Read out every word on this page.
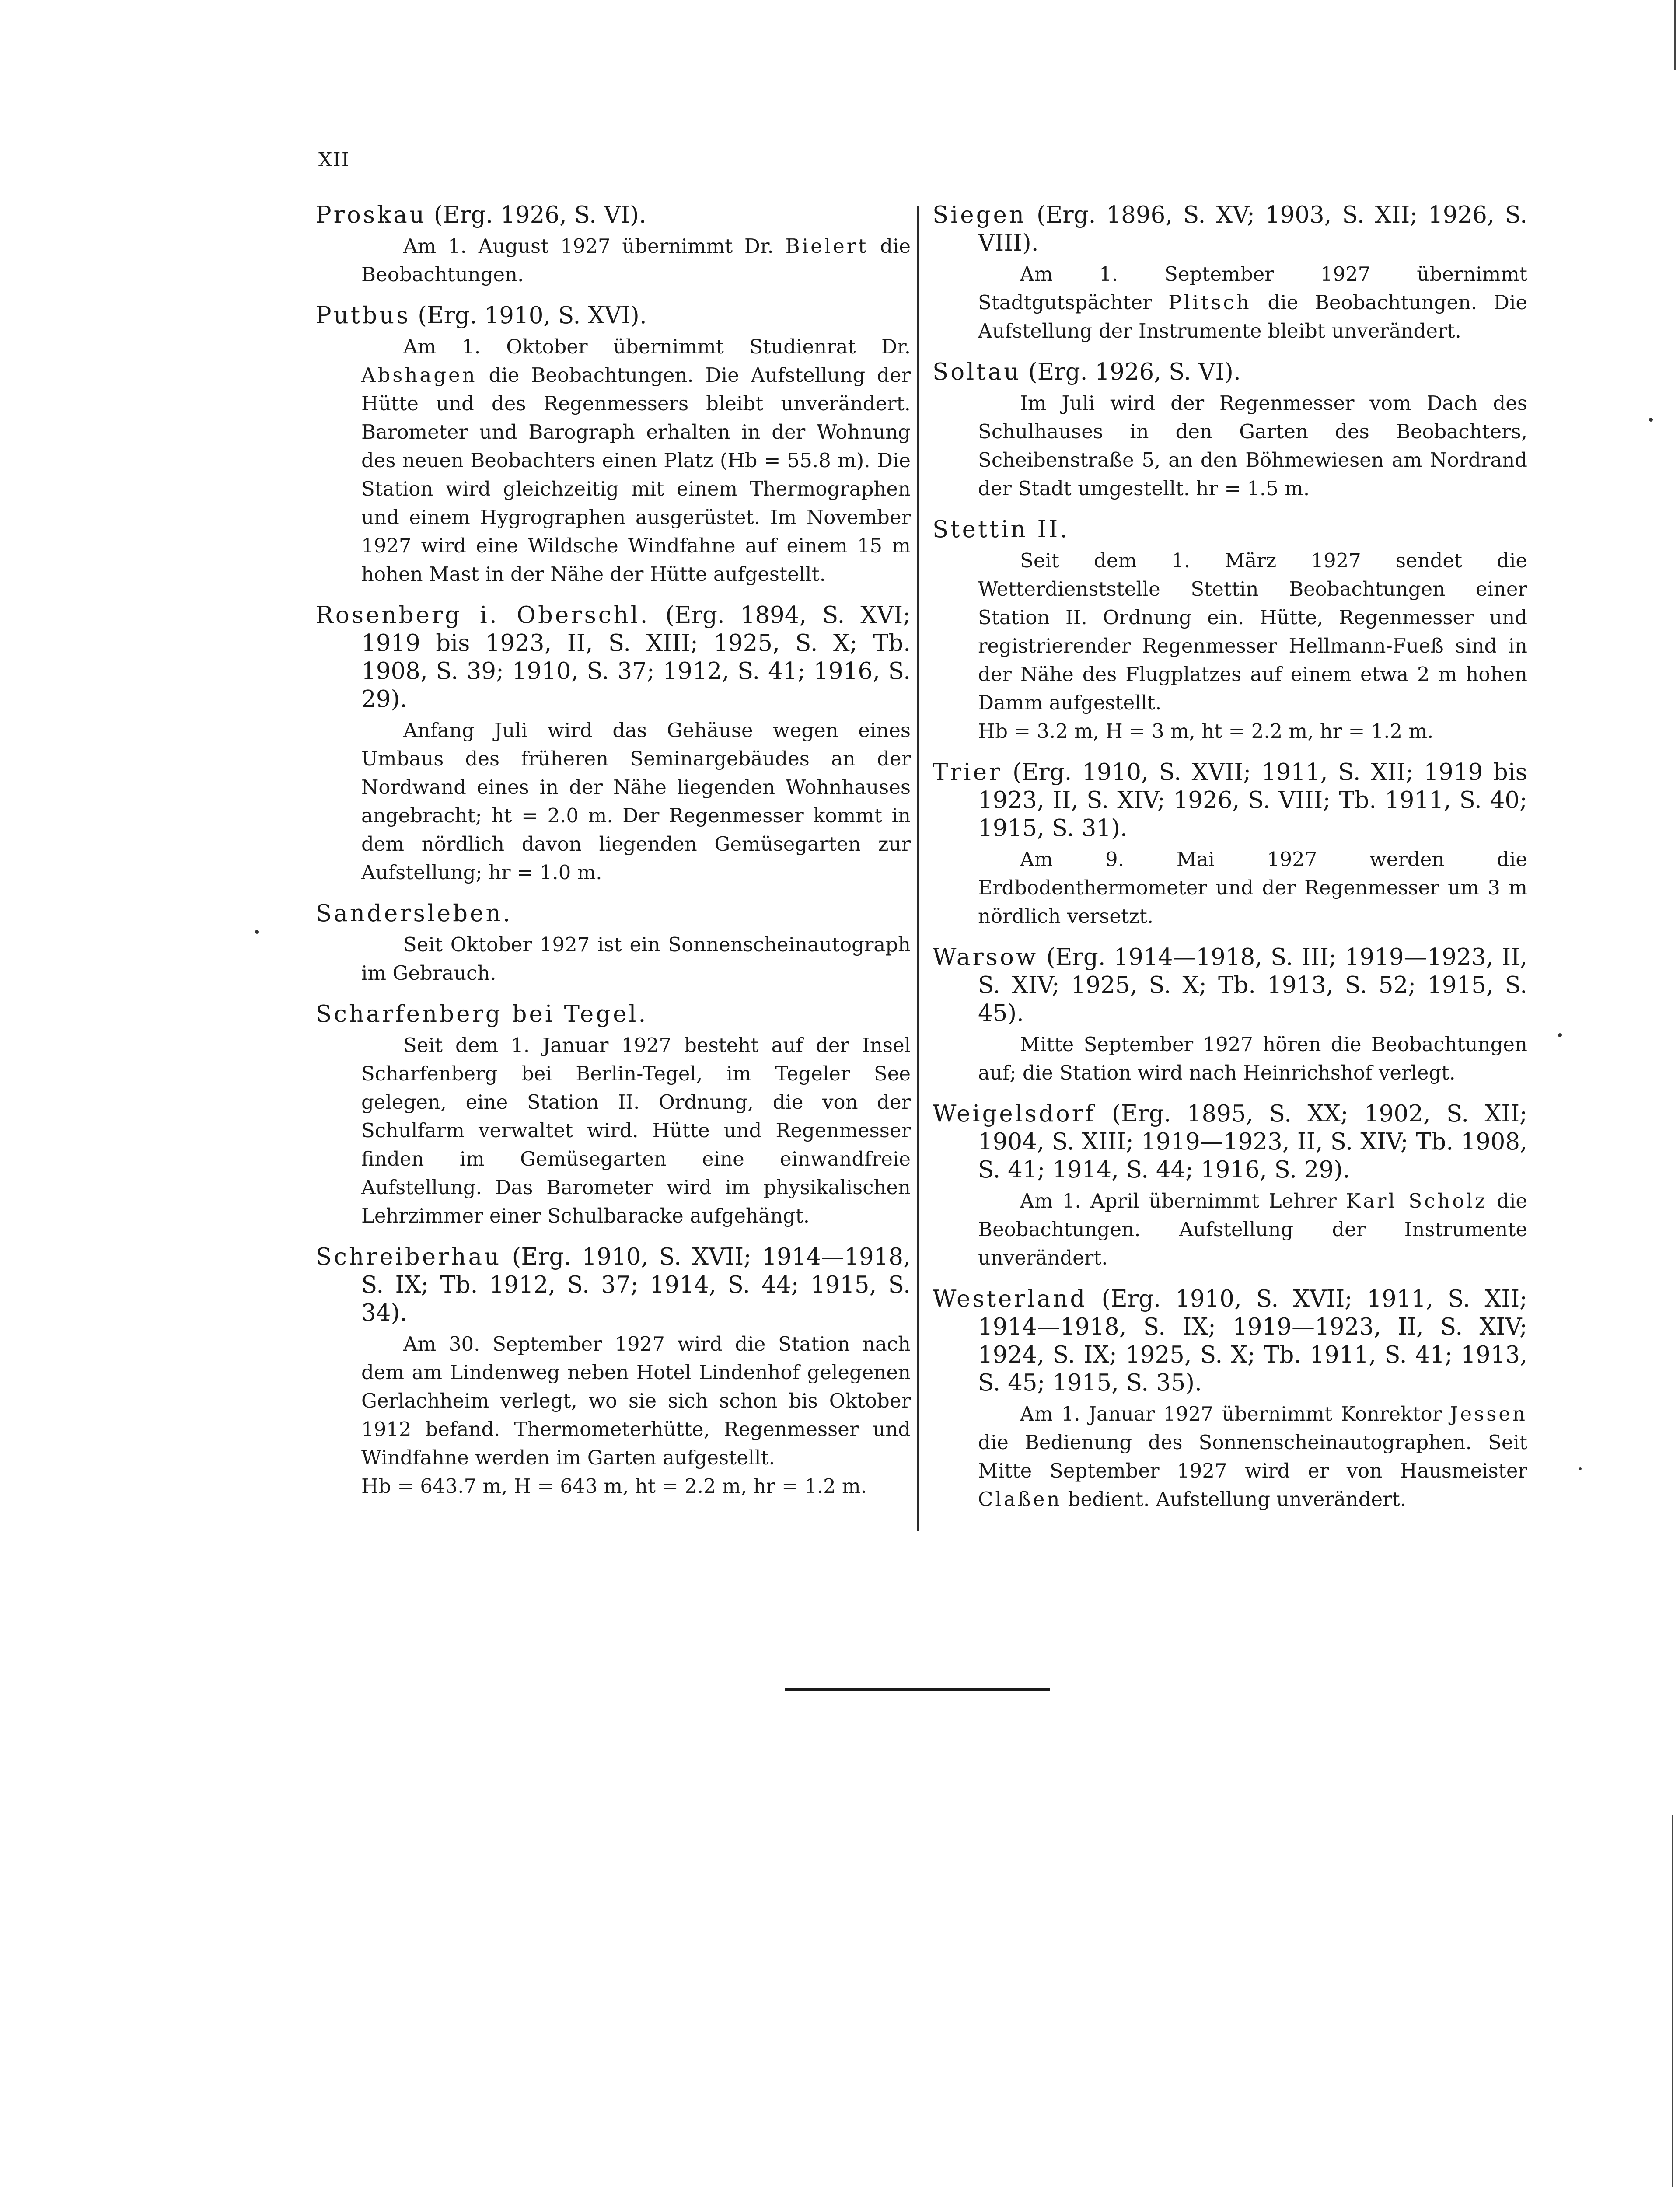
XII
Proskau (Erg. 1926, S. VI).
Am 1. August 1927 übernimmt Dr. Bielert die Beobachtungen.
Putbus (Erg. 1910, S. XVI).
Am 1. Oktober übernimmt Studienrat Dr. Abshagen die Beobachtungen. Die Aufstellung der Hütte und des Regenmessers bleibt unverändert. Barometer und Barograph erhalten in der Wohnung des neuen Beobachters einen Platz (Hb = 55.8 m). Die Station wird gleichzeitig mit einem Thermographen und einem Hygrographen ausgerüstet. Im November 1927 wird eine Wildsche Windfahne auf einem 15 m hohen Mast in der Nähe der Hütte aufgestellt.
Rosenberg i. Oberschl. (Erg. 1894, S. XVI; 1919 bis 1923, II, S. XIII; 1925, S. X; Tb. 1908, S. 39; 1910, S. 37; 1912, S. 41; 1916, S. 29).
Anfang Juli wird das Gehäuse wegen eines Umbaus des früheren Seminargebäudes an der Nordwand eines in der Nähe liegenden Wohnhauses angebracht; ht = 2.0 m. Der Regenmesser kommt in dem nördlich davon liegenden Gemüsegarten zur Aufstellung; hr = 1.0 m.
Sandersleben.
Seit Oktober 1927 ist ein Sonnenscheinautograph im Gebrauch.
Scharfenberg bei Tegel.
Seit dem 1. Januar 1927 besteht auf der Insel Scharfenberg bei Berlin-Tegel, im Tegeler See gelegen, eine Station II. Ordnung, die von der Schulfarm verwaltet wird. Hütte und Regenmesser finden im Gemüsegarten eine einwandfreie Aufstellung. Das Barometer wird im physikalischen Lehrzimmer einer Schulbaracke aufgehängt.
Schreiberhau (Erg. 1910, S. XVII; 1914—1918, S. IX; Tb. 1912, S. 37; 1914, S. 44; 1915, S. 34).
Am 30. September 1927 wird die Station nach dem am Lindenweg neben Hotel Lindenhof gelegenen Gerlachheim verlegt, wo sie sich schon bis Oktober 1912 befand. Thermometerhütte, Regenmesser und Windfahne werden im Garten aufgestellt.
Hb = 643.7 m, H = 643 m, ht = 2.2 m, hr = 1.2 m.
Siegen (Erg. 1896, S. XV; 1903, S. XII; 1926, S. VIII).
Am 1. September 1927 übernimmt Stadtgutspächter Plitsch die Beobachtungen. Die Aufstellung der Instrumente bleibt unverändert.
Soltau (Erg. 1926, S. VI).
Im Juli wird der Regenmesser vom Dach des Schulhauses in den Garten des Beobachters, Scheibenstraße 5, an den Böhmewiesen am Nordrand der Stadt umgestellt. hr = 1.5 m.
Stettin II.
Seit dem 1. März 1927 sendet die Wetterdienststelle Stettin Beobachtungen einer Station II. Ordnung ein. Hütte, Regenmesser und registrierender Regenmesser Hellmann-Fueß sind in der Nähe des Flugplatzes auf einem etwa 2 m hohen Damm aufgestellt.
Hb = 3.2 m, H = 3 m, ht = 2.2 m, hr = 1.2 m.
Trier (Erg. 1910, S. XVII; 1911, S. XII; 1919 bis 1923, II, S. XIV; 1926, S. VIII; Tb. 1911, S. 40; 1915, S. 31).
Am 9. Mai 1927 werden die Erdbodenthermometer und der Regenmesser um 3 m nördlich versetzt.
Warsow (Erg. 1914—1918, S. III; 1919—1923, II, S. XIV; 1925, S. X; Tb. 1913, S. 52; 1915, S. 45).
Mitte September 1927 hören die Beobachtungen auf; die Station wird nach Heinrichshof verlegt.
Weigelsdorf (Erg. 1895, S. XX; 1902, S. XII; 1904, S. XIII; 1919—1923, II, S. XIV; Tb. 1908, S. 41; 1914, S. 44; 1916, S. 29).
Am 1. April übernimmt Lehrer Karl Scholz die Beobachtungen. Aufstellung der Instrumente unverändert.
Westerland (Erg. 1910, S. XVII; 1911, S. XII; 1914—1918, S. IX; 1919—1923, II, S. XIV; 1924, S. IX; 1925, S. X; Tb. 1911, S. 41; 1913, S. 45; 1915, S. 35).
Am 1. Januar 1927 übernimmt Konrektor Jessen die Bedienung des Sonnenscheinautographen. Seit Mitte September 1927 wird er von Hausmeister Claßen bedient. Aufstellung unverändert.
